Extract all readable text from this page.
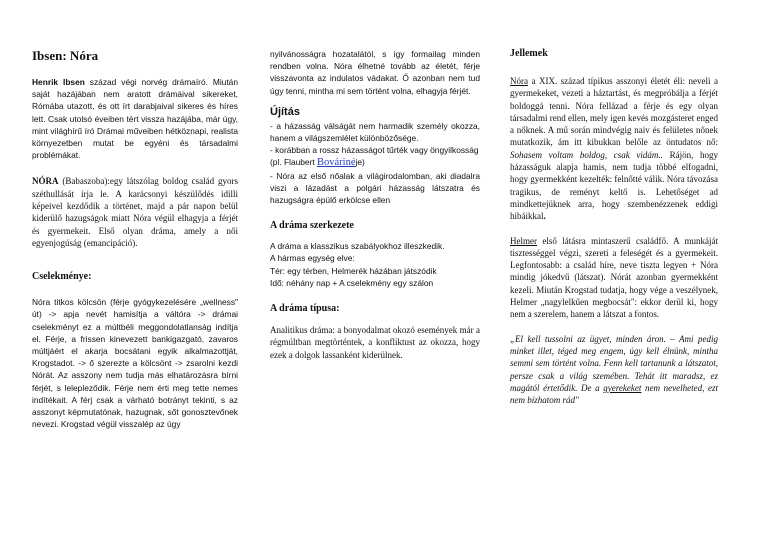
Ibsen: Nóra

Henrik Ibsen század végi norvég drámaíró. Miután saját hazájában nem aratott drámáival sikereket, Rómába utazott, és ott írt darabjaival sikeres és híres lett. Csak utolsó éveiben tért vissza hazájába, már úgy, mint világhírű író Drámai műveiben hétköznapi, realista környezetben mutat be egyéni és társadalmi problémákat.

NÓRA (Babaszoba):egy látszólag boldog család gyors széthullását írja le. A karácsonyi készülődés idilli képeivel kezdődik a történet, majd a pár napon belül kiderülő hazugságok miatt Nóra végül elhagyja a férjét és gyermekeit. Első olyan dráma, amely a női egyenjogúság (emancipáció).

Cselekménye:

Nóra titkos kölcsön (férje gyógykezelésére „wellness" út) -> apja nevét hamisítja a váltóra -> drámai cselekményt ez a múltbéli meggondolatlanság indítja el. Férje, a frissen kinevezett bankigazgató, zavaros múltjáért el akarja bocsátani egyik alkalmazottját, Krogstadot. -> ő szerezte a kölcsönt -> zsarolni kezdi Nórát. Az asszony nem tudja más elhatározásra bírni férjét, s lelepleződik. Férje nem érti meg tette nemes indítékait. A férj csak a várható botrányt tekinti, s az asszonyt képmutatónak, hazugnak, sőt gonosztevőnek nevezi. Krogstad végül visszalép az úgy

nyilvánosságra hozatalától, s így formailag minden rendben volna. Nóra élhetné tovább az életét, férje visszavonta az indulatos vádakat. Ő azonban nem tud úgy tenni, mintha mi sem történt volna, elhagyja férjét.

Újítás

- a házasság válságát nem harmadik személy okozza, hanem a világszemlélet különbözősége.

- korábban a rossz házasságot tűrték vagy öngyilkosság (pl. Flaubert Bovárinéje)

- Nóra az első nőalak a világirodalomban, aki diadalra viszi a lázadást a polgári házasság látszatra és hazugságra épülő erkölcse ellen

A dráma szerkezete

A dráma a klasszikus szabályokhoz illeszkedik.

A hármas egység elve:

Tér: egy térben, Helmerék házában játszódik

Idő: néhány nap + A cselekmény egy szálon

A dráma típusa:

Analitikus dráma: a bonyodalmat okozó események már a régmúltban megtörténtek, a konfliktust az okozza, hogy ezek a dolgok lassanként kiderülnek.

Jellemek

Nóra a XIX. század típikus asszonyi életét éli: neveli a gyermekeket, vezeti a háztartást, és megpróbálja a férjét boldoggá tenni. Nóra fellázad a férje és egy olyan társadalmi rend ellen, mely igen kevés mozgásteret enged a nőknek. A mű során mindvégig naiv és felületes nőnek mutatkozik, ám itt kibukkan belőle az öntudatos nő: Sohasem voltam boldog, csak vidám.. Rájön, hogy házasságuk alapja hamis, nem tudja többé elfogadni, hogy gyermekként kezelték: felnőtté válik. Nóra távozása tragikus, de reményt keltő is. Lehetőséget ad mindkettejüknek arra, hogy szembenézzenek eddigi hibáikkal.

Helmer első látásra mintaszerű családfő. A munkáját tisztességgel végzi, szereti a feleségét és a gyermekeit. Legfontosabb: a család híre, neve tiszta legyen + Nóra mindig jókedvű (látszat). Nórát azonban gyermekként kezeli. Miután Krogstad tudatja, hogy vége a veszélynek, Helmer „nagylelkűen megbocsát": ekkor derül ki, hogy nem a szerelem, hanem a látszat a fontos.

„El kell tussolni az ügyet, minden áron. – Ami pedig minket illet, téged meg engem, úgy kell élnünk, mintha semmi sem történt volna. Fenn kell tartanunk a látszatot, persze csak a világ szemében. Tehát itt maradsz, ez magától értetődik. De a gyerekeket nem nevelheted, ezt nem bízhatom rád"
